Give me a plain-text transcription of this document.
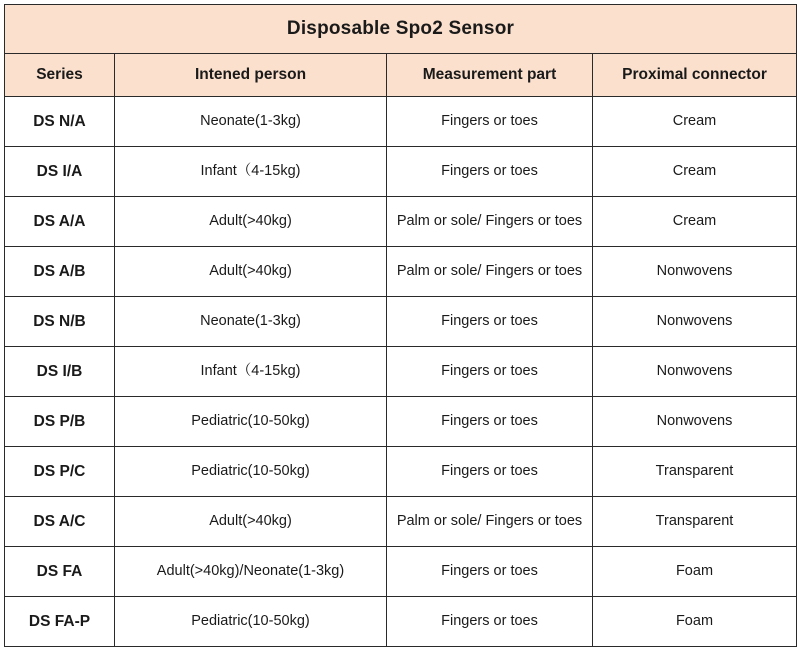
Disposable Spo2 Sensor			
Series	Intened person	Measurement part	Proximal connector
DS N/A	Neonate(1-3kg)	Fingers or toes	Cream
DS I/A	Infant（4-15kg)	Fingers or toes	Cream
DS A/A	Adult(>40kg)	Palm or sole/ Fingers or toes	Cream
DS A/B	Adult(>40kg)	Palm or sole/ Fingers or toes	Nonwovens
DS N/B	Neonate(1-3kg)	Fingers or toes	Nonwovens
DS I/B	Infant（4-15kg)	Fingers or toes	Nonwovens
DS P/B	Pediatric(10-50kg)	Fingers or toes	Nonwovens
DS P/C	Pediatric(10-50kg)	Fingers or toes	Transparent
DS A/C	Adult(>40kg)	Palm or sole/ Fingers or toes	Transparent
DS FA	Adult(>40kg)/Neonate(1-3kg)	Fingers or toes	Foam
DS FA-P	Pediatric(10-50kg)	Fingers or toes	Foam
